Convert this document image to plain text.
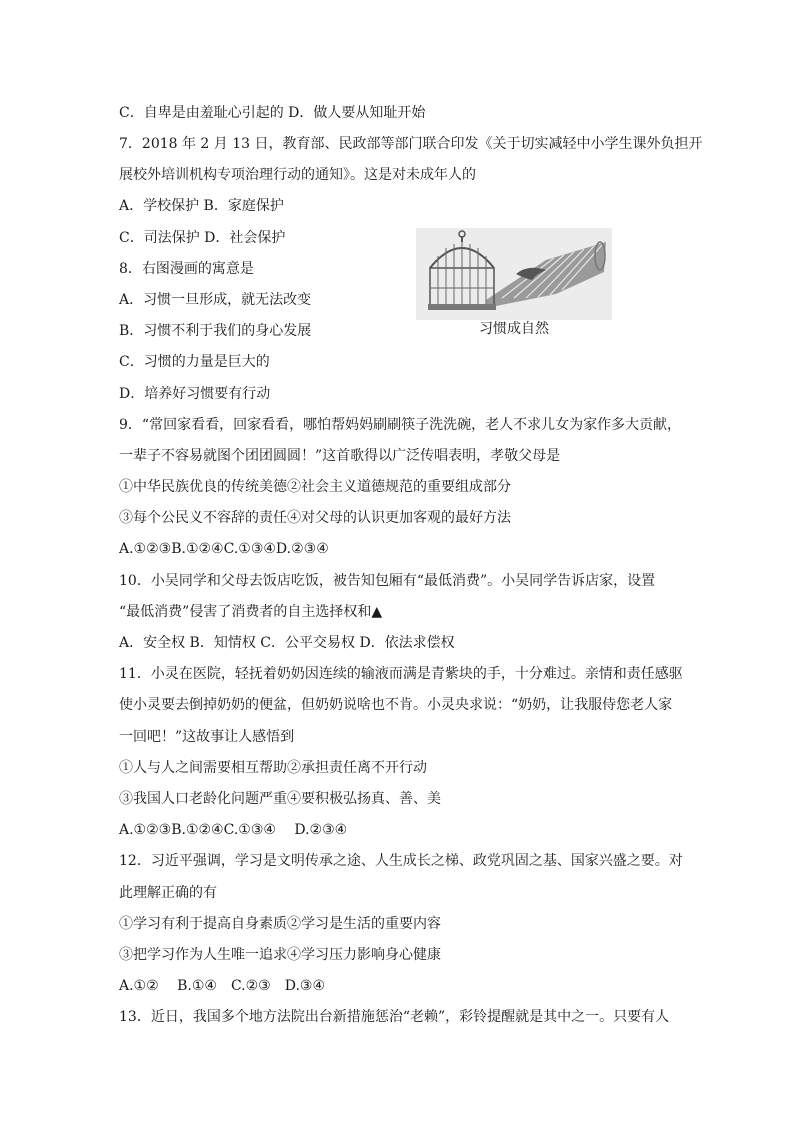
C．自卑是由羞耻心引起的 D．做人要从知耻开始
7．2018 年 2 月 13 日，教育部、民政部等部门联合印发《关于切实减轻中小学生课外负担开
展校外培训机构专项治理行动的通知》。这是对未成年人的
A．学校保护 B．家庭保护
C．司法保护 D．社会保护
8．右图漫画的寓意是
A．习惯一旦形成，就无法改变
B．习惯不利于我们的身心发展
C．习惯的力量是巨大的
D．培养好习惯要有行动
9．“常回家看看，回家看看，哪怕帮妈妈刷刷筷子洗洗碗，老人不求儿女为家作多大贡献，
一辈子不容易就图个团团圆圆！”这首歌得以广泛传唱表明，孝敬父母是
①中华民族优良的传统美德②社会主义道德规范的重要组成部分
③每个公民义不容辞的责任④对父母的认识更加客观的最好方法
A.①②③B.①②④C.①③④D.②③④
10．小吴同学和父母去饭店吃饭，被告知包厢有“最低消费”。小吴同学告诉店家，设置
“最低消费”侵害了消费者的自主选择权和▲
A．安全权 B．知情权 C．公平交易权 D．依法求偿权
11．小灵在医院，轻抚着奶奶因连续的输液而满是青紫块的手，十分难过。亲情和责任感驱
使小灵要去倒掉奶奶的便盆，但奶奶说啥也不肯。小灵央求说：“奶奶，让我服侍您老人家
一回吧！”这故事让人感悟到
①人与人之间需要相互帮助②承担责任离不开行动
③我国人口老龄化问题严重④要积极弘扬真、善、美
A.①②③B.①②④C.①③④　 D.②③④
12．习近平强调，学习是文明传承之途、人生成长之梯、政党巩固之基、国家兴盛之要。对
此理解正确的有
①学习有利于提高自身素质②学习是生活的重要内容
③把学习作为人生唯一追求④学习压力影响身心健康
A.①②　 B.①④　C.②③　D.③④
13．近日，我国多个地方法院出台新措施惩治“老赖”，彩铃提醒就是其中之一。只要有人
习惯成自然
